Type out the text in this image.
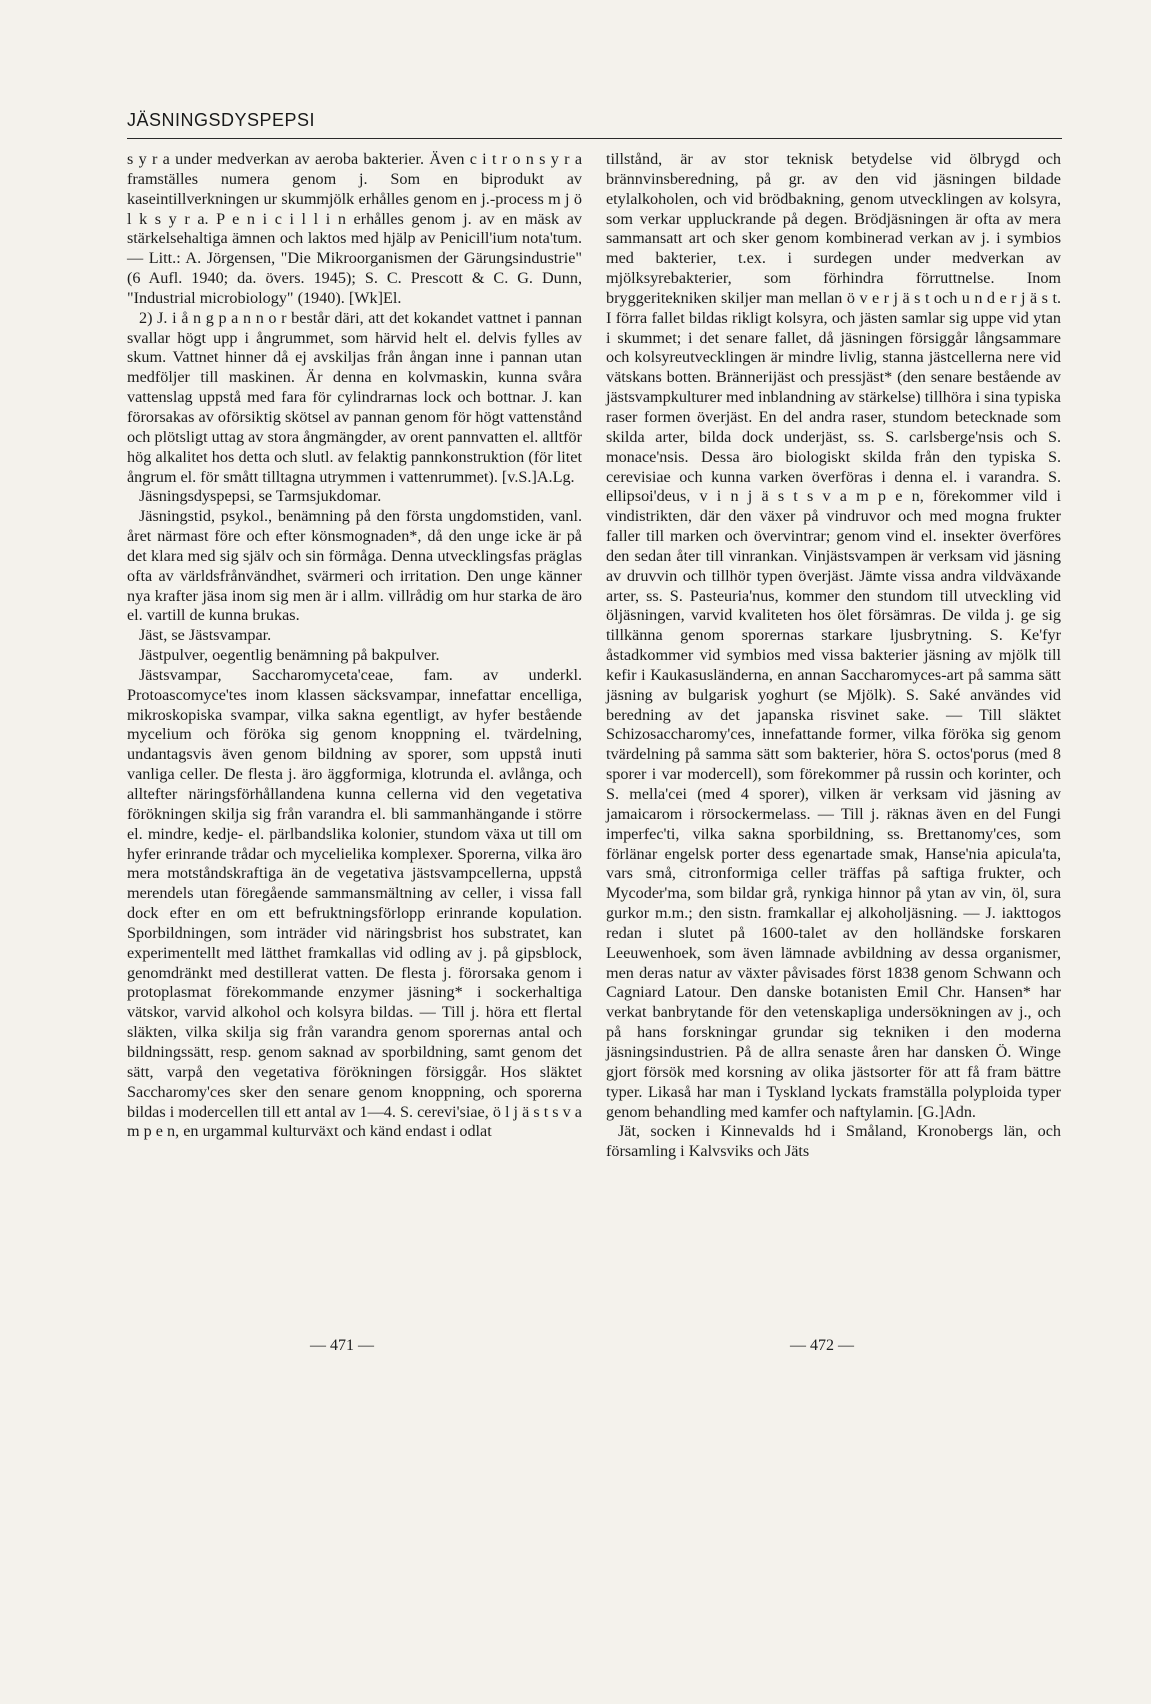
JÄSNINGSDYSPEPSI

s y r a under medverkan av aeroba bakterier. Även c i t r o n s y r a framställes numera genom j. Som en biprodukt av kaseintillverkningen ur skummjölk erhålles genom en j.-process m j ö l k s y r a. P e n i c i l l i n erhålles genom j. av en mäsk av stärkelsehaltiga ämnen och laktos med hjälp av Penicill'ium nota'tum. — Litt.: A. Jörgensen, "Die Mikroorganismen der Gärungsindustrie" (6 Aufl. 1940; da. övers. 1945); S. C. Prescott & C. G. Dunn, "Industrial microbiology" (1940). [Wk]El.

2) J. i å n g p a n n o r består däri, att det kokandet vattnet i pannan svallar högt upp i ångrummet, som härvid helt el. delvis fylles av skum. Vattnet hinner då ej avskiljas från ångan inne i pannan utan medföljer till maskinen. Är denna en kolvmaskin, kunna svåra vattenslag uppstå med fara för cylindrarnas lock och bottnar. J. kan förorsakas av oförsiktig skötsel av pannan genom för högt vattenstånd och plötsligt uttag av stora ångmängder, av orent pannvatten el. alltför hög alkalitet hos detta och slutl. av felaktig pannkonstruktion (för litet ångrum el. för smått tilltagna utrymmen i vattenrummet). [v.S.]A.Lg.

Jäsningsdyspepsi, se Tarmsjukdomar.

Jäsningstid, psykol., benämning på den första ungdomstiden, vanl. året närmast före och efter könsmognaden*, då den unge icke är på det klara med sig själv och sin förmåga. Denna utvecklingsfas präglas ofta av världsfrånvändhet, svärmeri och irritation. Den unge känner nya krafter jäsa inom sig men är i allm. villrådig om hur starka de äro el. vartill de kunna brukas.

Jäst, se Jästsvampar.

Jästpulver, oegentlig benämning på bakpulver.

Jästsvampar, Saccharomyceta'ceae, fam. av underkl. Protoascomyce'tes inom klassen säcksvampar, innefattar encelliga, mikroskopiska svampar, vilka sakna egentligt, av hyfer bestående mycelium och föröka sig genom knoppning el. tvärdelning, undantagsvis även genom bildning av sporer, som uppstå inuti vanliga celler. De flesta j. äro äggformiga, klotrunda el. avlånga, och alltefter näringsförhållandena kunna cellerna vid den vegetativa förökningen skilja sig från varandra el. bli sammanhängande i större el. mindre, kedje- el. pärlbandslika kolonier, stundom växa ut till om hyfer erinrande trådar och mycelielika komplexer. Sporerna, vilka äro mera motståndskraftiga än de vegetativa jästsvampcellerna, uppstå merendels utan föregående sammansmältning av celler, i vissa fall dock efter en om ett befruktningsförlopp erinrande kopulation. Sporbildningen, som inträder vid näringsbrist hos substratet, kan experimentellt med lätthet framkallas vid odling av j. på gipsblock, genomdränkt med destillerat vatten. De flesta j. förorsaka genom i protoplasmat förekommande enzymer jäsning* i sockerhaltiga vätskor, varvid alkohol och kolsyra bildas. — Till j. höra ett flertal släkten, vilka skilja sig från varandra genom sporernas antal och bildningssätt, resp. genom saknad av sporbildning, samt genom det sätt, varpå den vegetativa förökningen försiggår. Hos släktet Saccharomy'ces sker den senare genom knoppning, och sporerna bildas i modercellen till ett antal av 1—4. S. cerevi'siae, ö l j ä s t s v a m p e n, en urgammal kulturväxt och känd endast i odlat

tillstånd, är av stor teknisk betydelse vid ölbrygd och brännvinsberedning, på gr. av den vid jäsningen bildade etylalkoholen, och vid brödbakning, genom utvecklingen av kolsyra, som verkar uppluckrande på degen. Brödjäsningen är ofta av mera sammansatt art och sker genom kombinerad verkan av j. i symbios med bakterier, t.ex. i surdegen under medverkan av mjölksyrebakterier, som förhindra förruttnelse. Inom bryggeritekniken skiljer man mellan ö v e r j ä s t och u n d e r j ä s t. I förra fallet bildas rikligt kolsyra, och jästen samlar sig uppe vid ytan i skummet; i det senare fallet, då jäsningen försiggår långsammare och kolsyreutvecklingen är mindre livlig, stanna jästcellerna nere vid vätskans botten. Brännerijäst och pressjäst* (den senare bestående av jästsvampkulturer med inblandning av stärkelse) tillhöra i sina typiska raser formen överjäst. En del andra raser, stundom betecknade som skilda arter, bilda dock underjäst, ss. S. carlsberge'nsis och S. monace'nsis. Dessa äro biologiskt skilda från den typiska S. cerevisiae och kunna varken överföras i denna el. i varandra. S. ellipsoi'deus, v i n j ä s t s v a m p e n, förekommer vild i vindistrikten, där den växer på vindruvor och med mogna frukter faller till marken och övervintrar; genom vind el. insekter överföres den sedan åter till vinrankan. Vinjästsvampen är verksam vid jäsning av druvvin och tillhör typen överjäst. Jämte vissa andra vildväxande arter, ss. S. Pasteuria'nus, kommer den stundom till utveckling vid öljäsningen, varvid kvaliteten hos ölet försämras. De vilda j. ge sig tillkänna genom sporernas starkare ljusbrytning. S. Ke'fyr åstadkommer vid symbios med vissa bakterier jäsning av mjölk till kefir i Kaukasusländerna, en annan Saccharomyces-art på samma sätt jäsning av bulgarisk yoghurt (se Mjölk). S. Saké användes vid beredning av det japanska risvinet sake. — Till släktet Schizosaccharomy'ces, innefattande former, vilka föröka sig genom tvärdelning på samma sätt som bakterier, höra S. octos'porus (med 8 sporer i var modercell), som förekommer på russin och korinter, och S. mella'cei (med 4 sporer), vilken är verksam vid jäsning av jamaicarom i rörsockermelass. — Till j. räknas även en del Fungi imperfec'ti, vilka sakna sporbildning, ss. Brettanomy'ces, som förlänar engelsk porter dess egenartade smak, Hanse'nia apicula'ta, vars små, citronformiga celler träffas på saftiga frukter, och Mycoder'ma, som bildar grå, rynkiga hinnor på ytan av vin, öl, sura gurkor m.m.; den sistn. framkallar ej alkoholjäsning. — J. iakttogos redan i slutet på 1600-talet av den holländske forskaren Leeuwenhoek, som även lämnade avbildning av dessa organismer, men deras natur av växter påvisades först 1838 genom Schwann och Cagniard Latour. Den danske botanisten Emil Chr. Hansen* har verkat banbrytande för den vetenskapliga undersökningen av j., och på hans forskningar grundar sig tekniken i den moderna jäsningsindustrien. På de allra senaste åren har dansken Ö. Winge gjort försök med korsning av olika jästsorter för att få fram bättre typer. Likaså har man i Tyskland lyckats framställa polyploida typer genom behandling med kamfer och naftylamin. [G.]Adn.

Jät, socken i Kinnevalds hd i Småland, Kronobergs län, och församling i Kalvsviks och Jäts

— 471 —	— 472 —
